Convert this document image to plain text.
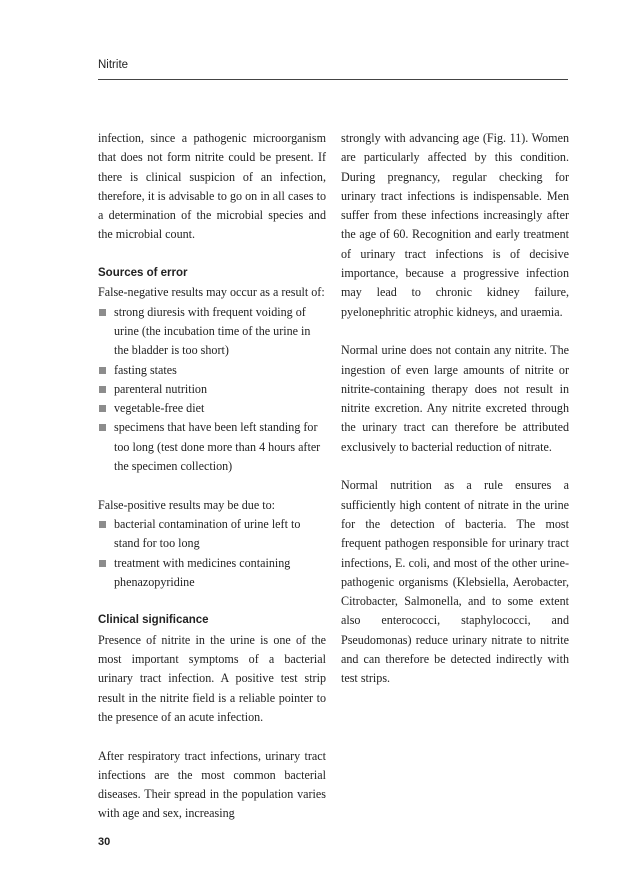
Nitrite

infection, since a pathogenic microorganism that does not form nitrite could be present. If there is clinical suspicion of an infection, therefore, it is advisable to go on in all cases to a determination of the microbial species and the microbial count.

Sources of error

False-negative results may occur as a result of:

strong diuresis with frequent voiding of urine (the incubation time of the urine in the bladder is too short)
fasting states
parenteral nutrition
vegetable-free diet
specimens that have been left standing for too long (test done more than 4 hours after the specimen collection)

False-positive results may be due to:

bacterial contamination of urine left to stand for too long
treatment with medicines containing phenazopyridine

Clinical significance

Presence of nitrite in the urine is one of the most important symptoms of a bacterial urinary tract infection. A positive test strip result in the nitrite field is a reliable pointer to the presence of an acute infection.

After respiratory tract infections, urinary tract infections are the most common bacterial diseases. Their spread in the population varies with age and sex, increasing

strongly with advancing age (Fig. 11). Women are particularly affected by this condition. During pregnancy, regular checking for urinary tract infections is indispensable. Men suffer from these infections increasingly after the age of 60. Recognition and early treatment of urinary tract infections is of decisive importance, because a progressive infection may lead to chronic kidney failure, pyelonephritic atrophic kidneys, and uraemia.

Normal urine does not contain any nitrite. The ingestion of even large amounts of nitrite or nitrite-containing therapy does not result in nitrite excretion. Any nitrite excreted through the urinary tract can therefore be attributed exclusively to bacterial reduction of nitrate.

Normal nutrition as a rule ensures a sufficiently high content of nitrate in the urine for the detection of bacteria. The most frequent pathogen responsible for urinary tract infections, E. coli, and most of the other urine-pathogenic organisms (Klebsiella, Aerobacter, Citrobacter, Salmonella, and to some extent also enterococci, staphylococci, and Pseudomonas) reduce urinary nitrate to nitrite and can therefore be detected indirectly with test strips.

30
